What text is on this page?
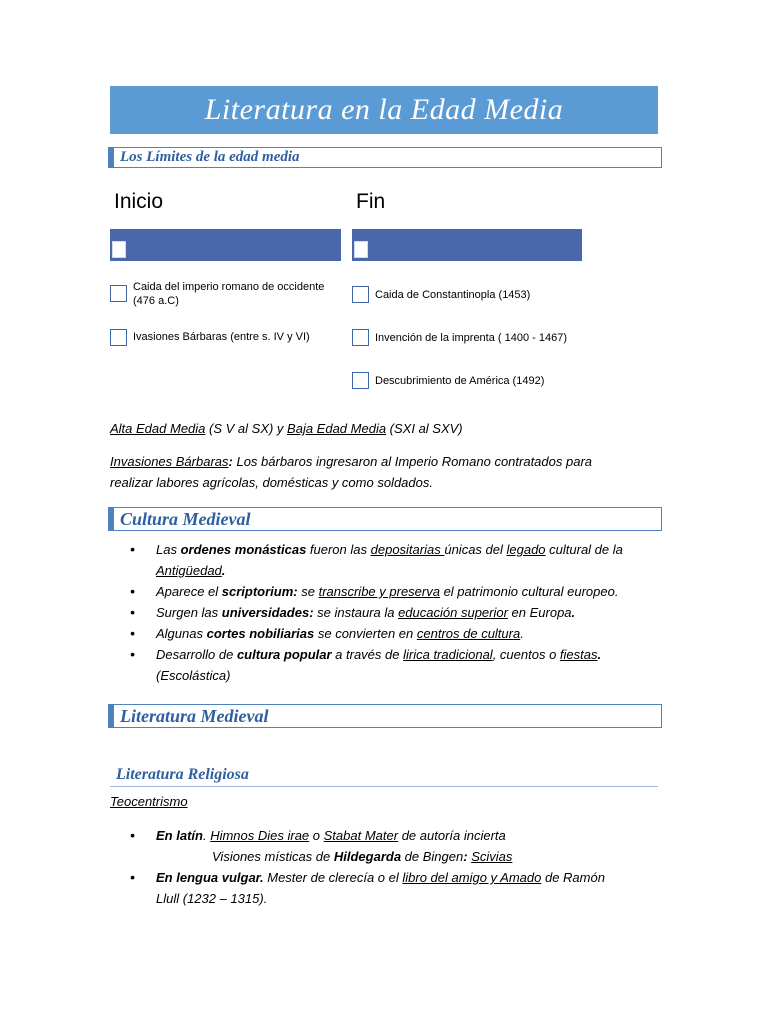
Literatura en la Edad Media
Los Límites de la edad media
Inicio	Fin
Caida del imperio romano de occidente
(476 a.C)
Ivasiones Bárbaras (entre s. IV y VI)
Caida de Constantinopla (1453)
Invención de la imprenta ( 1400 - 1467)
Descubrimiento de América (1492)
Alta Edad Media (S V al SX) y Baja Edad Media (SXI al SXV)
Invasiones Bárbaras: Los bárbaros ingresaron al Imperio Romano contratados para
realizar labores agrícolas, domésticas y como soldados.
Cultura Medieval
• Las ordenes monásticas fueron las depositarias únicas del legado cultural de la
Antigüedad.
• Aparece el scriptorium: se transcribe y preserva el patrimonio cultural europeo.
• Surgen las universidades: se instaura la educación superior en Europa.
• Algunas cortes nobiliarias se convierten en centros de cultura.
• Desarrollo de cultura popular a través de lirica tradicional, cuentos o fiestas.
(Escolástica)
Literatura Medieval
Literatura Religiosa
Teocentrismo
• En latín. Himnos Dies irae o Stabat Mater de autoría incierta
Visiones místicas de Hildegarda de Bingen: Scivias
• En lengua vulgar. Mester de clerecía o el libro del amigo y Amado de Ramón
Llull (1232 – 1315).
